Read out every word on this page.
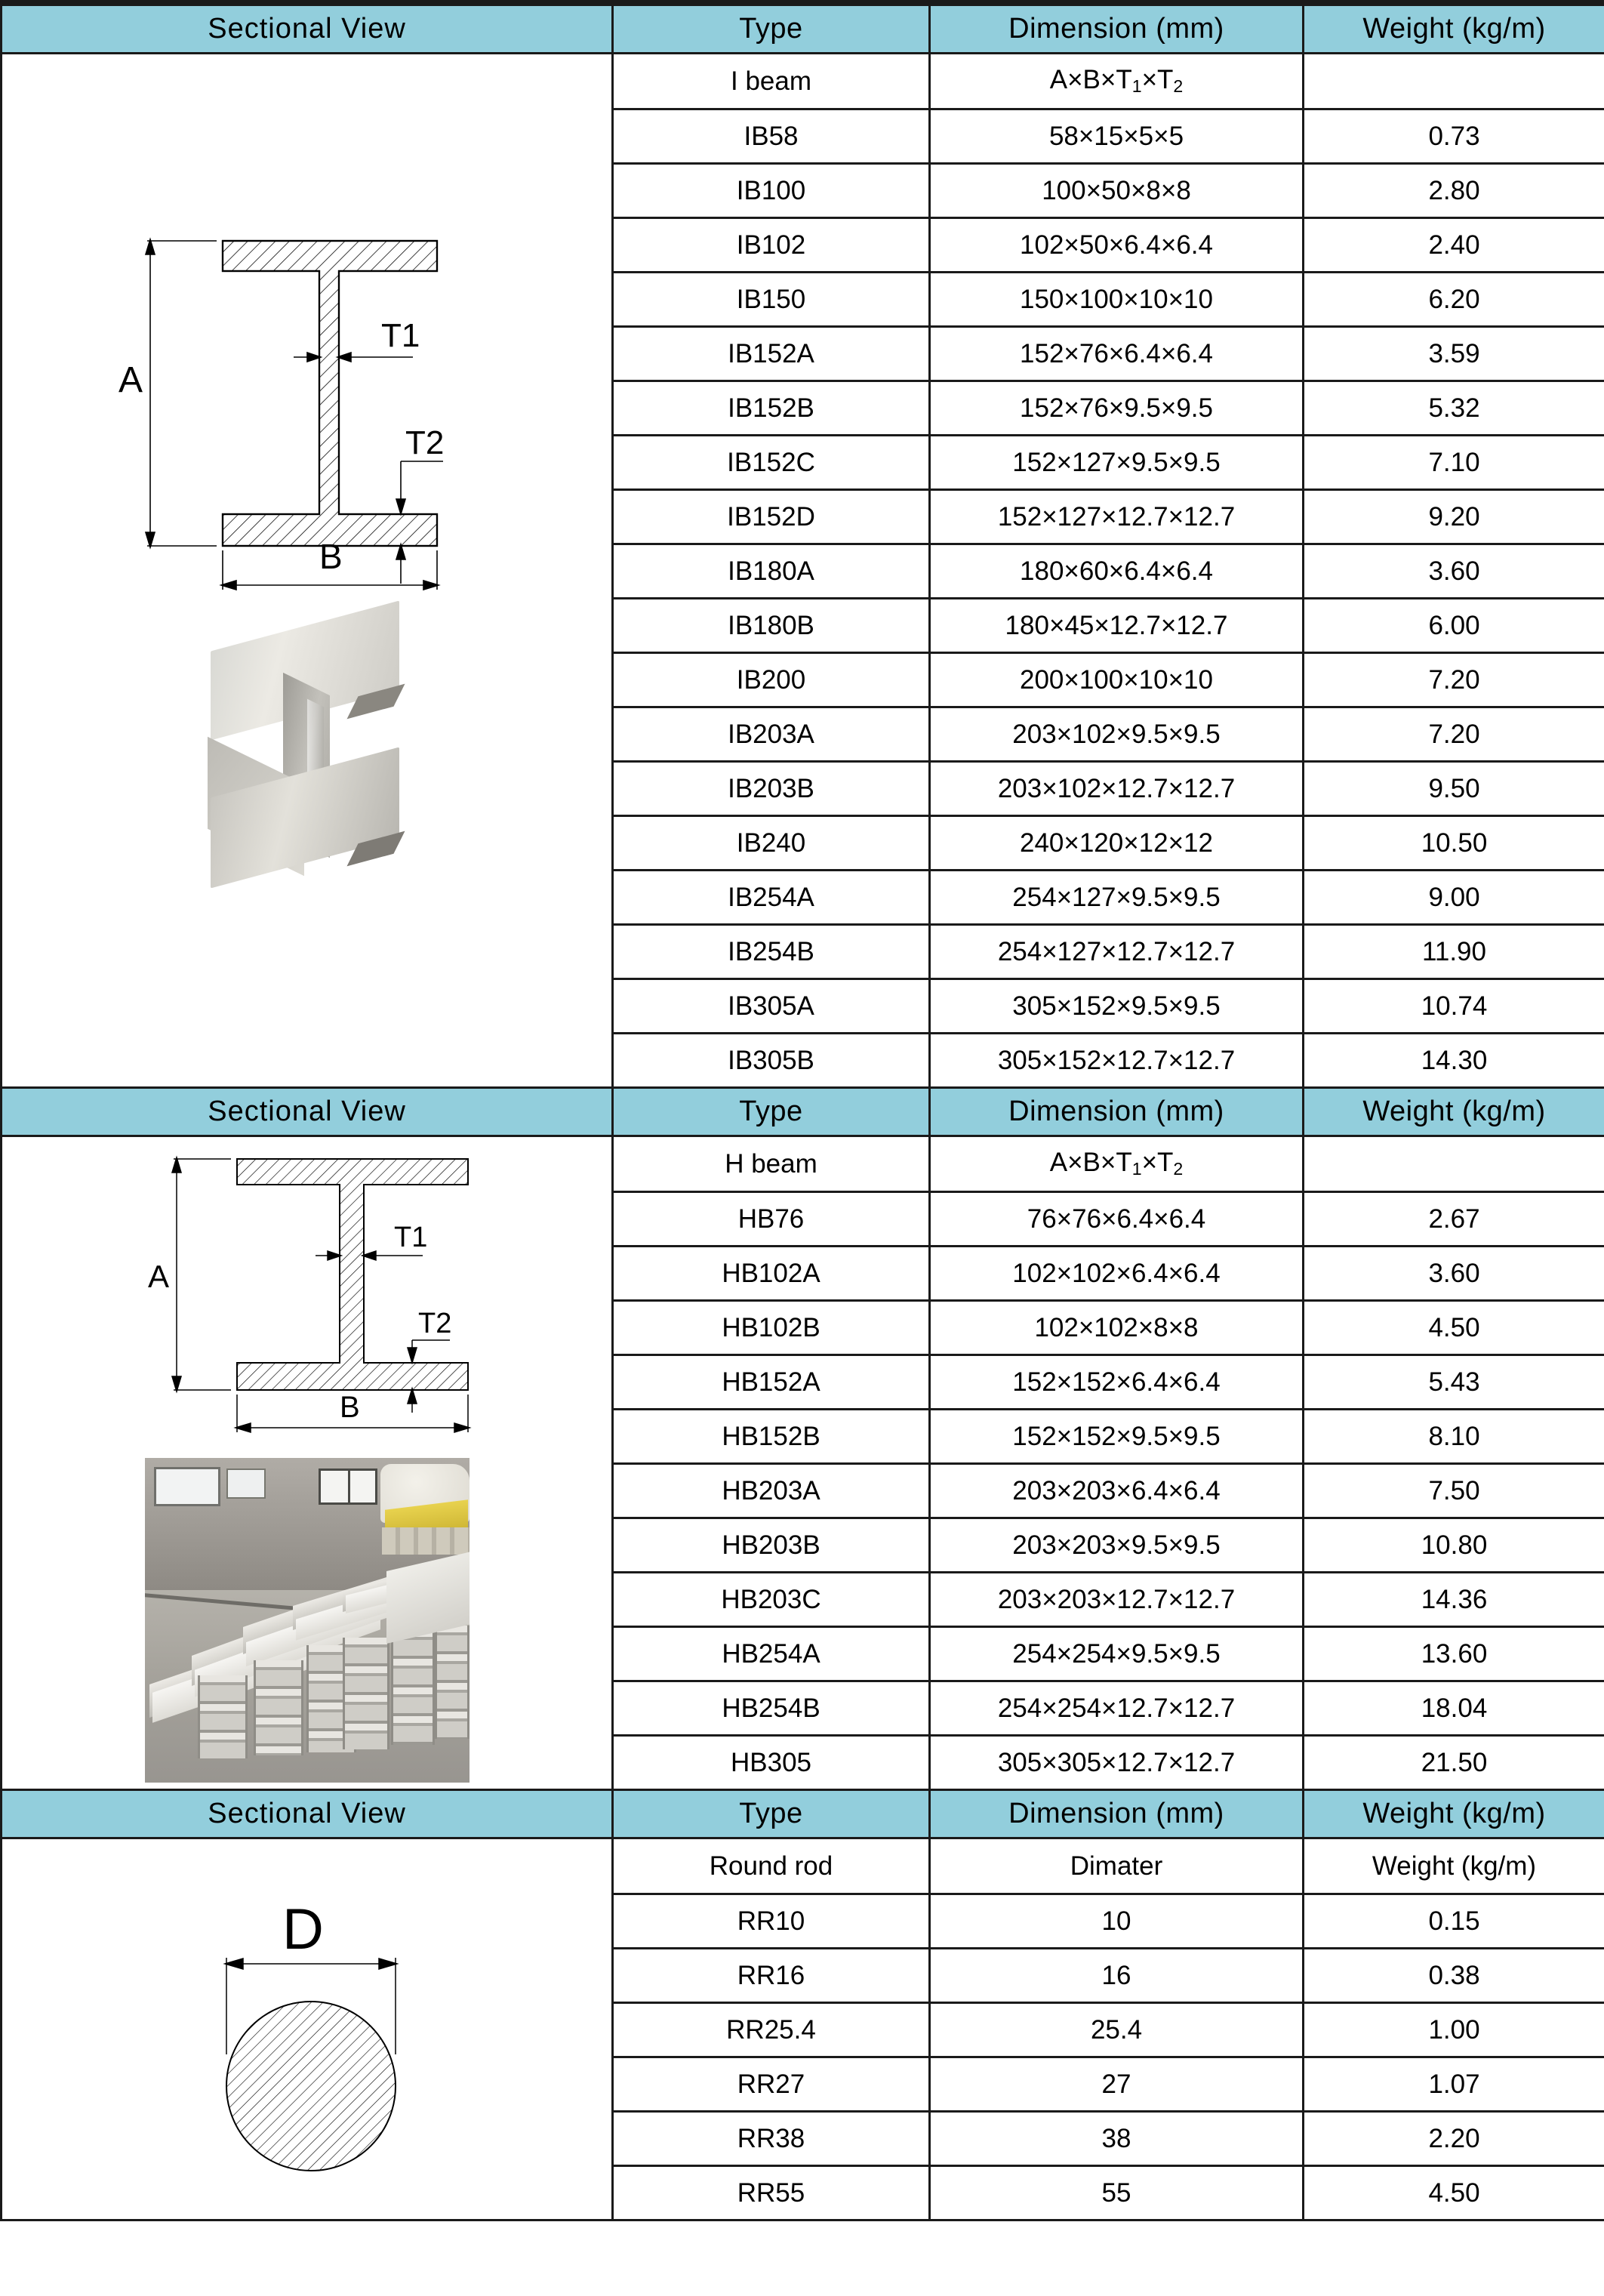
Sectional View	Type	Dimension (mm)	Weight (kg/m)

A
B
T1
T2	I beam	$A\times B\times T_1\times T_2$	
	IB58	58×15×5×5	0.73
	IB100	100×50×8×8	2.80
	IB102	102×50×6.4×6.4	2.40
	IB150	150×100×10×10	6.20
	IB152A	152×76×6.4×6.4	3.59
	IB152B	152×76×9.5×9.5	5.32
	IB152C	152×127×9.5×9.5	7.10
	IB152D	152×127×12.7×12.7	9.20
	IB180A	180×60×6.4×6.4	3.60
	IB180B	180×45×12.7×12.7	6.00
	IB200	200×100×10×10	7.20
	IB203A	203×102×9.5×9.5	7.20
	IB203B	203×102×12.7×12.7	9.50
	IB240	240×120×12×12	10.50
	IB254A	254×127×9.5×9.5	9.00
	IB254B	254×127×12.7×12.7	11.90
	IB305A	305×152×9.5×9.5	10.74
	IB305B	305×152×12.7×12.7	14.30
Sectional View	Type	Dimension (mm)	Weight (kg/m)

A
B
T1
T2	H beam	$A\times B\times T_1\times T_2$	
	HB76	76×76×6.4×6.4	2.67
	HB102A	102×102×6.4×6.4	3.60
	HB102B	102×102×8×8	4.50
	HB152A	152×152×6.4×6.4	5.43
	HB152B	152×152×9.5×9.5	8.10
	HB203A	203×203×6.4×6.4	7.50
	HB203B	203×203×9.5×9.5	10.80
	HB203C	203×203×12.7×12.7	14.36
	HB254A	254×254×9.5×9.5	13.60
	HB254B	254×254×12.7×12.7	18.04
	HB305	305×305×12.7×12.7	21.50
Sectional View	Type	Dimension (mm)	Weight (kg/m)

D	Round rod	Dimater	Weight (kg/m)
	RR10	10	0.15
	RR16	16	0.38
	RR25.4	25.4	1.00
	RR27	27	1.07
	RR38	38	2.20
	RR55	55	4.50
